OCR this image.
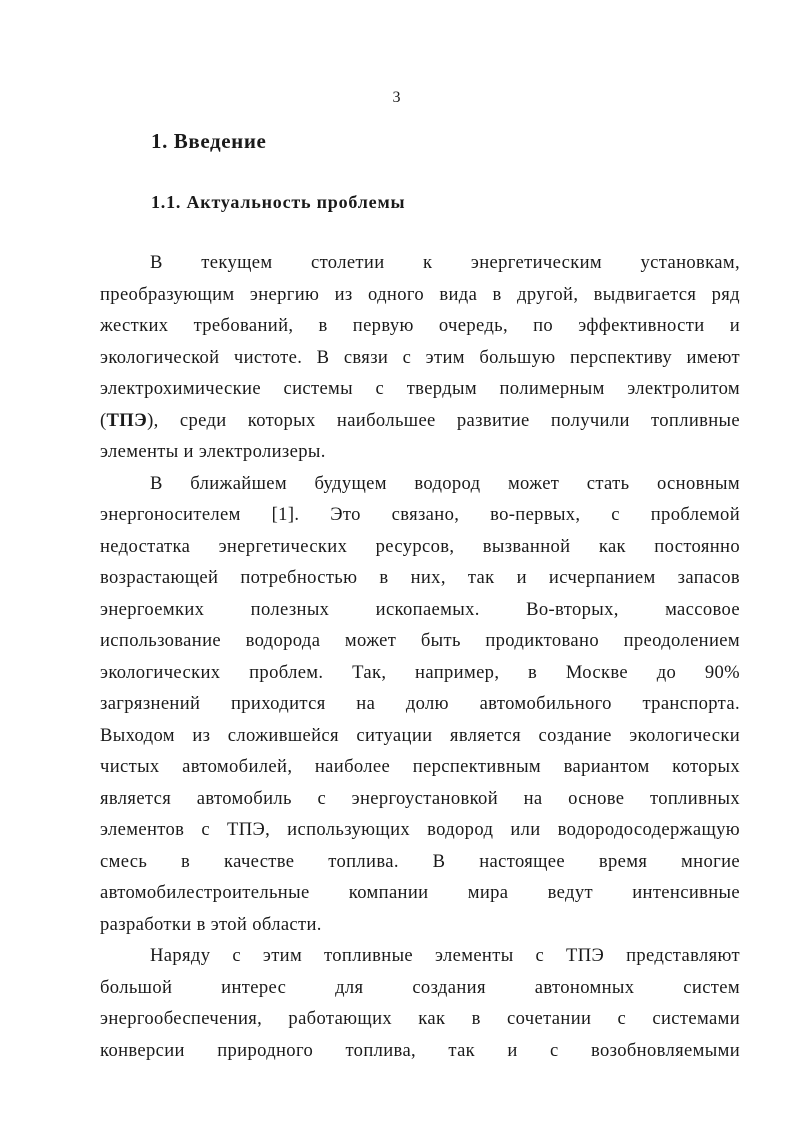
3
1. Введение
1.1. Актуальность проблемы
В текущем столетии к энергетическим установкам,
преобразующим энергию из одного вида в другой, выдвигается ряд
жестких требований, в первую очередь, по эффективности и
экологической чистоте. В связи с этим большую перспективу имеют
электрохимические системы с твердым полимерным электролитом
(ТПЭ), среди которых наибольшее развитие получили топливные
элементы и электролизеры.
В ближайшем будущем водород может стать основным
энергоносителем [1]. Это связано, во-первых, с проблемой
недостатка энергетических ресурсов, вызванной как постоянно
возрастающей потребностью в них, так и исчерпанием запасов
энергоемких полезных ископаемых. Во-вторых, массовое
использование водорода может быть продиктовано преодолением
экологических проблем. Так, например, в Москве до 90%
загрязнений приходится на долю автомобильного транспорта.
Выходом из сложившейся ситуации является создание экологически
чистых автомобилей, наиболее перспективным вариантом которых
является автомобиль с энергоустановкой на основе топливных
элементов с ТПЭ, использующих водород или водородосодержащую
смесь в качестве топлива. В настоящее время многие
автомобилестроительные компании мира ведут интенсивные
разработки в этой области.
Наряду с этим топливные элементы с ТПЭ представляют
большой интерес для создания автономных систем
энергообеспечения, работающих как в сочетании с системами
конверсии природного топлива, так и с возобновляемыми
